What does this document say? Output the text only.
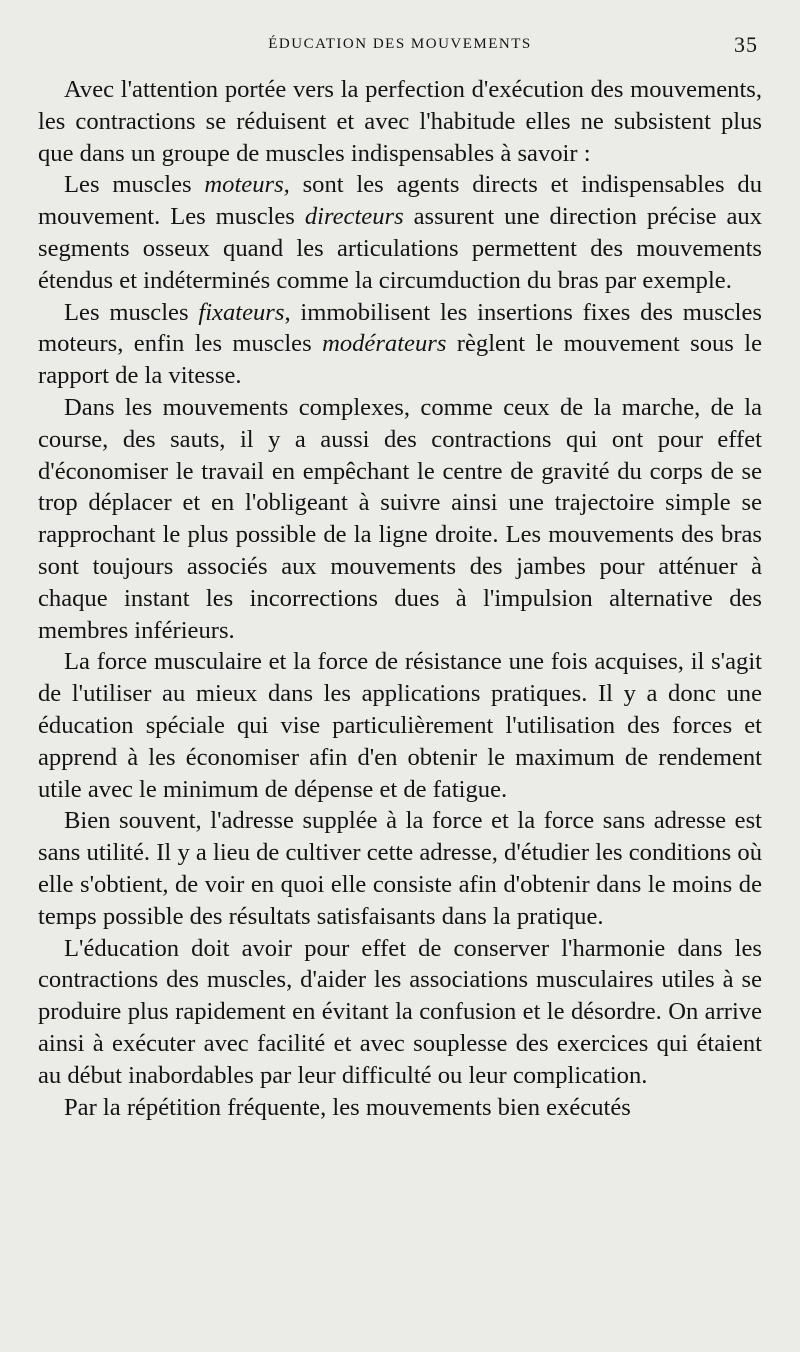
ÉDUCATION DES MOUVEMENTS	35

Avec l'attention portée vers la perfection d'exécution des mouvements, les contractions se réduisent et avec l'habitude elles ne subsistent plus que dans un groupe de muscles indispensables à savoir :

Les muscles moteurs, sont les agents directs et indispensables du mouvement. Les muscles directeurs assurent une direction précise aux segments osseux quand les articulations permettent des mouvements étendus et indéterminés comme la circumduction du bras par exemple.

Les muscles fixateurs, immobilisent les insertions fixes des muscles moteurs, enfin les muscles modérateurs règlent le mouvement sous le rapport de la vitesse.

Dans les mouvements complexes, comme ceux de la marche, de la course, des sauts, il y a aussi des contractions qui ont pour effet d'économiser le travail en empêchant le centre de gravité du corps de se trop déplacer et en l'obligeant à suivre ainsi une trajectoire simple se rapprochant le plus possible de la ligne droite. Les mouvements des bras sont toujours associés aux mouvements des jambes pour atténuer à chaque instant les incorrections dues à l'impulsion alternative des membres inférieurs.

La force musculaire et la force de résistance une fois acquises, il s'agit de l'utiliser au mieux dans les applications pratiques. Il y a donc une éducation spéciale qui vise particulièrement l'utilisation des forces et apprend à les économiser afin d'en obtenir le maximum de rendement utile avec le minimum de dépense et de fatigue.

Bien souvent, l'adresse supplée à la force et la force sans adresse est sans utilité. Il y a lieu de cultiver cette adresse, d'étudier les conditions où elle s'obtient, de voir en quoi elle consiste afin d'obtenir dans le moins de temps possible des résultats satisfaisants dans la pratique.

L'éducation doit avoir pour effet de conserver l'harmonie dans les contractions des muscles, d'aider les associations musculaires utiles à se produire plus rapidement en évitant la confusion et le désordre. On arrive ainsi à exécuter avec facilité et avec souplesse des exercices qui étaient au début inabordables par leur difficulté ou leur complication.

Par la répétition fréquente, les mouvements bien exécutés
